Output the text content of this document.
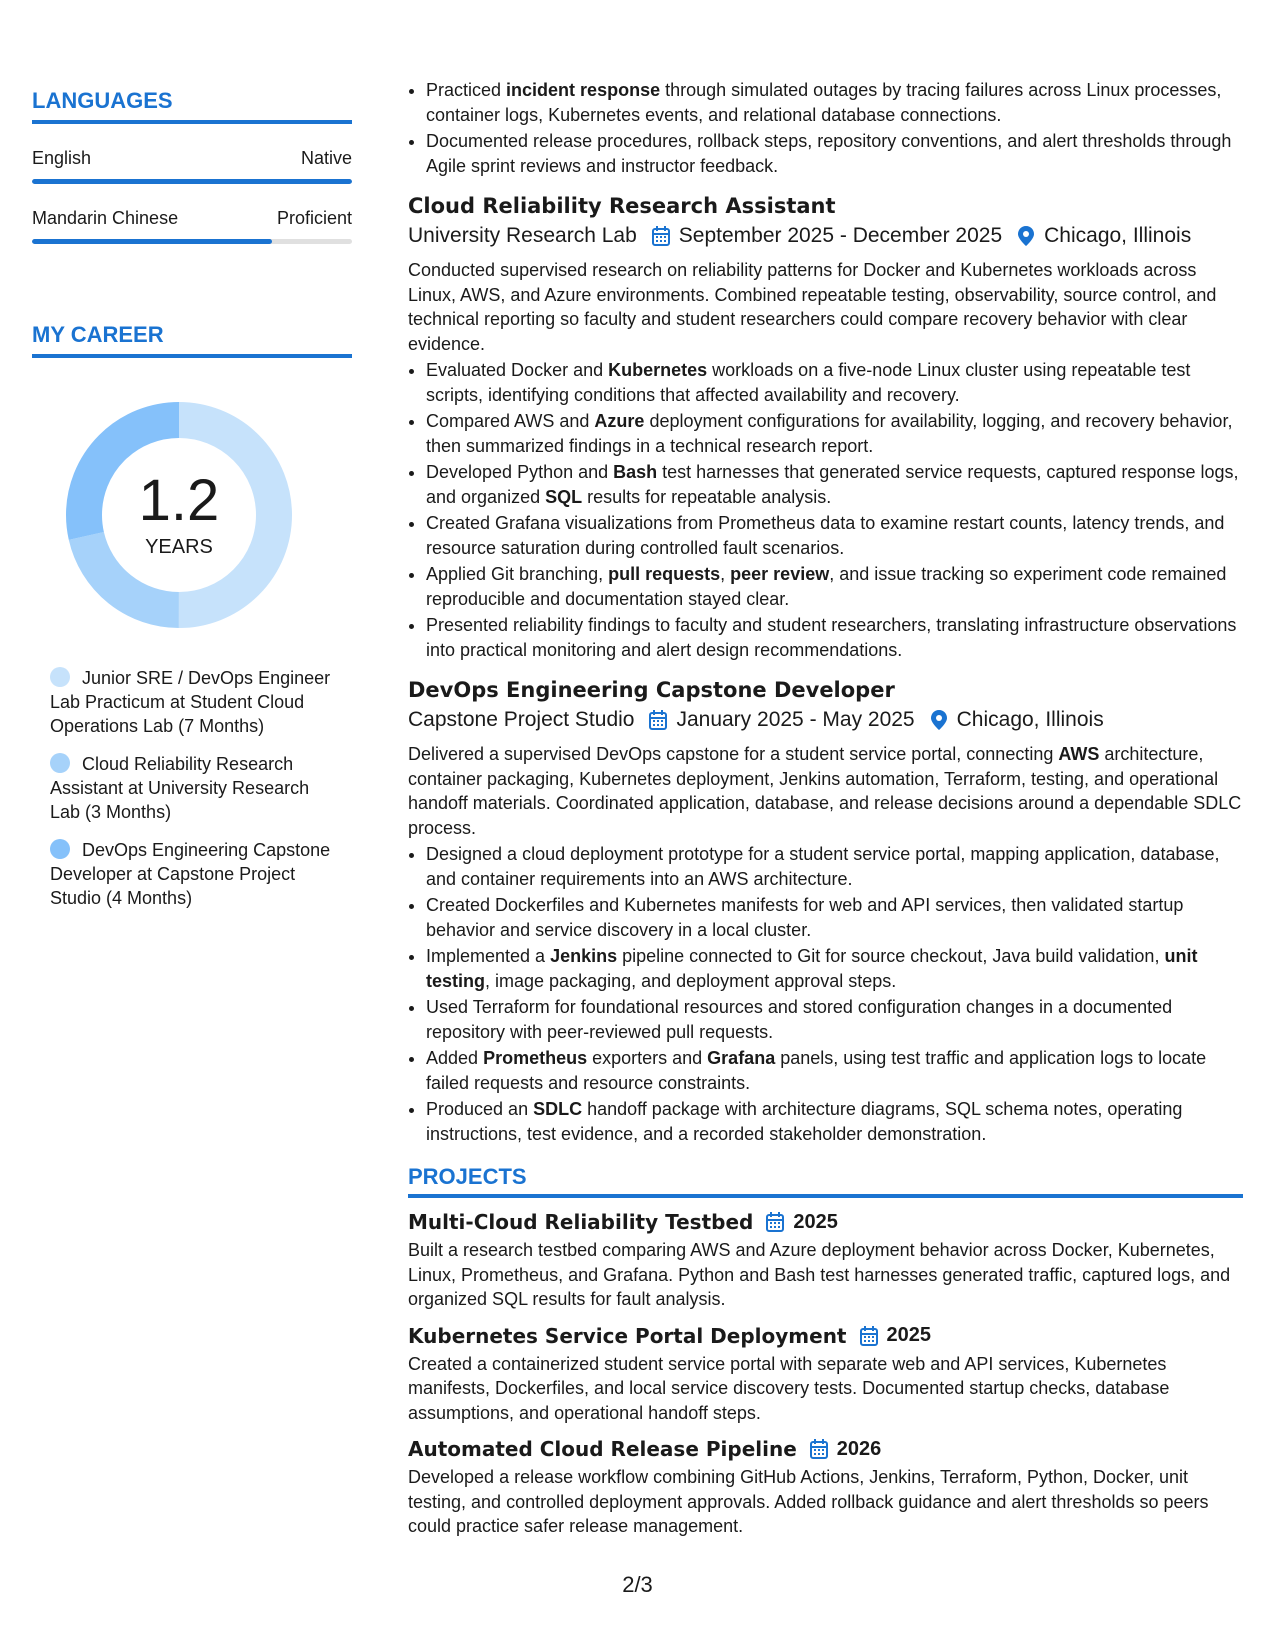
LANGUAGES
English	Native
Mandarin Chinese	Proficient
MY CAREER
1.2
YEARS
Junior SRE / DevOps Engineer Lab Practicum at Student Cloud Operations Lab (7 Months)
Cloud Reliability Research Assistant at University Research Lab (3 Months)
DevOps Engineering Capstone Developer at Capstone Project Studio (4 Months)
• Practiced incident response through simulated outages by tracing failures across Linux processes, container logs, Kubernetes events, and relational database connections.
• Documented release procedures, rollback steps, repository conventions, and alert thresholds through Agile sprint reviews and instructor feedback.
Cloud Reliability Research Assistant
University Research Lab September 2025 - December 2025 Chicago, Illinois

Conducted supervised research on reliability patterns for Docker and Kubernetes workloads across Linux, AWS, and Azure environments. Combined repeatable testing, observability, source control, and technical reporting so faculty and student researchers could compare recovery behavior with clear evidence.

• Evaluated Docker and Kubernetes workloads on a five-node Linux cluster using repeatable test scripts, identifying conditions that affected availability and recovery.
• Compared AWS and Azure deployment configurations for availability, logging, and recovery behavior, then summarized findings in a technical research report.
• Developed Python and Bash test harnesses that generated service requests, captured response logs, and organized SQL results for repeatable analysis.
• Created Grafana visualizations from Prometheus data to examine restart counts, latency trends, and resource saturation during controlled fault scenarios.
• Applied Git branching, pull requests, peer review, and issue tracking so experiment code remained reproducible and documentation stayed clear.
• Presented reliability findings to faculty and student researchers, translating infrastructure observations into practical monitoring and alert design recommendations.
DevOps Engineering Capstone Developer
Capstone Project Studio January 2025 - May 2025 Chicago, Illinois

Delivered a supervised DevOps capstone for a student service portal, connecting AWS architecture, container packaging, Kubernetes deployment, Jenkins automation, Terraform, testing, and operational handoff materials. Coordinated application, database, and release decisions around a dependable SDLC process.

• Designed a cloud deployment prototype for a student service portal, mapping application, database, and container requirements into an AWS architecture.
• Created Dockerfiles and Kubernetes manifests for web and API services, then validated startup behavior and service discovery in a local cluster.
• Implemented a Jenkins pipeline connected to Git for source checkout, Java build validation, unit testing, image packaging, and deployment approval steps.
• Used Terraform for foundational resources and stored configuration changes in a documented repository with peer-reviewed pull requests.
• Added Prometheus exporters and Grafana panels, using test traffic and application logs to locate failed requests and resource constraints.
• Produced an SDLC handoff package with architecture diagrams, SQL schema notes, operating instructions, test evidence, and a recorded stakeholder demonstration.
PROJECTS
Multi-Cloud Reliability Testbed 2025

Built a research testbed comparing AWS and Azure deployment behavior across Docker, Kubernetes, Linux, Prometheus, and Grafana. Python and Bash test harnesses generated traffic, captured logs, and organized SQL results for fault analysis.

Kubernetes Service Portal Deployment 2025

Created a containerized student service portal with separate web and API services, Kubernetes manifests, Dockerfiles, and local service discovery tests. Documented startup checks, database assumptions, and operational handoff steps.

Automated Cloud Release Pipeline 2026

Developed a release workflow combining GitHub Actions, Jenkins, Terraform, Python, Docker, unit testing, and controlled deployment approvals. Added rollback guidance and alert thresholds so peers could practice safer release management.

2/3
